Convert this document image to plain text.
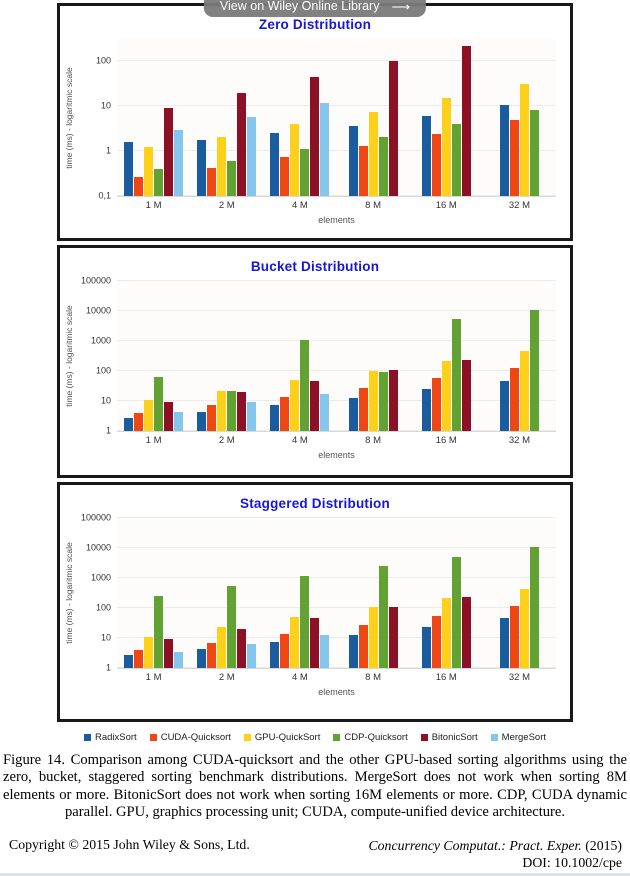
View on Wiley Online Library ⟶
Zero Distribution
time (ms) - logaritmic scale
100
10
1
0,1
1 M	2 M	4 M	8 M	16 M	32 M
elements
Bucket Distribution
time (ms) - logaritmic scale
100000
10000
1000
100
10
1
1 M	2 M	4 M	8 M	16 M	32 M
elements
Staggered Distribution
time (ms) - logaritmic scale
100000
10000
1000
100
10
1
1 M	2 M	4 M	8 M	16 M	32 M
elements
RadixSort	CUDA-Quicksort	GPU-QuickSort	CDP-Quicksort	BitonicSort	MergeSort

Figure 14. Comparison among CUDA-quicksort and the other GPU-based sorting algorithms using the zero, bucket, staggered sorting benchmark distributions. MergeSort does not work when sorting 8M elements or more. BitonicSort does not work when sorting 16M elements or more. CDP, CUDA dynamic parallel. GPU, graphics processing unit; CUDA, compute-unified device architecture.

Copyright © 2015 John Wiley & Sons, Ltd.	Concurrency Computat.: Pract. Exper. (2015)
DOI: 10.1002/cpe
